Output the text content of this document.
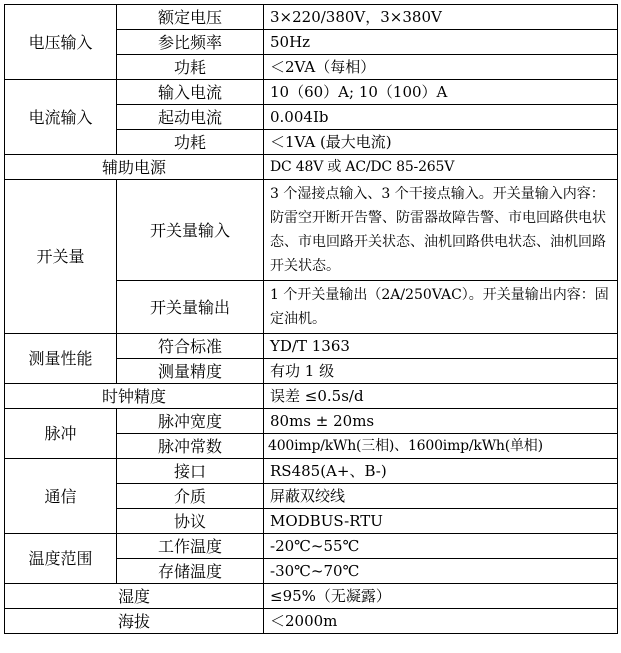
电压输入	额定电压	3×220/380V，3×380V
	参比频率	50Hz
	功耗	＜2VA（每相）
电流输入	输入电流	10（60）A; 10（100）A
	起动电流	0.004Ib
	功耗	＜1VA (最大电流)
辅助电源		DC 48V 或 AC/DC 85-265V
开关量	开关量输入	3 个湿接点输入、3 个干接点输入。开关量输入内容：防雷空开断开告警、防雷器故障告警、市电回路供电状态、市电回路开关状态、油机回路供电状态、油机回路开关状态。
	开关量输出	1 个开关量输出（2A/250VAC）。开关量输出内容：固定油机。
测量性能	符合标准	YD/T 1363
	测量精度	有功 1 级
时钟精度		误差 ≤0.5s/d
脉冲	脉冲宽度	80ms ± 20ms
	脉冲常数	400imp/kWh(三相)、1600imp/kWh(单相)
通信	接口	RS485(A+、B-)
	介质	屏蔽双绞线
	协议	MODBUS-RTU
温度范围	工作温度	-20℃~55℃
	存储温度	-30℃~70℃
湿度		≤95%（无凝露）
海拔		＜2000m
